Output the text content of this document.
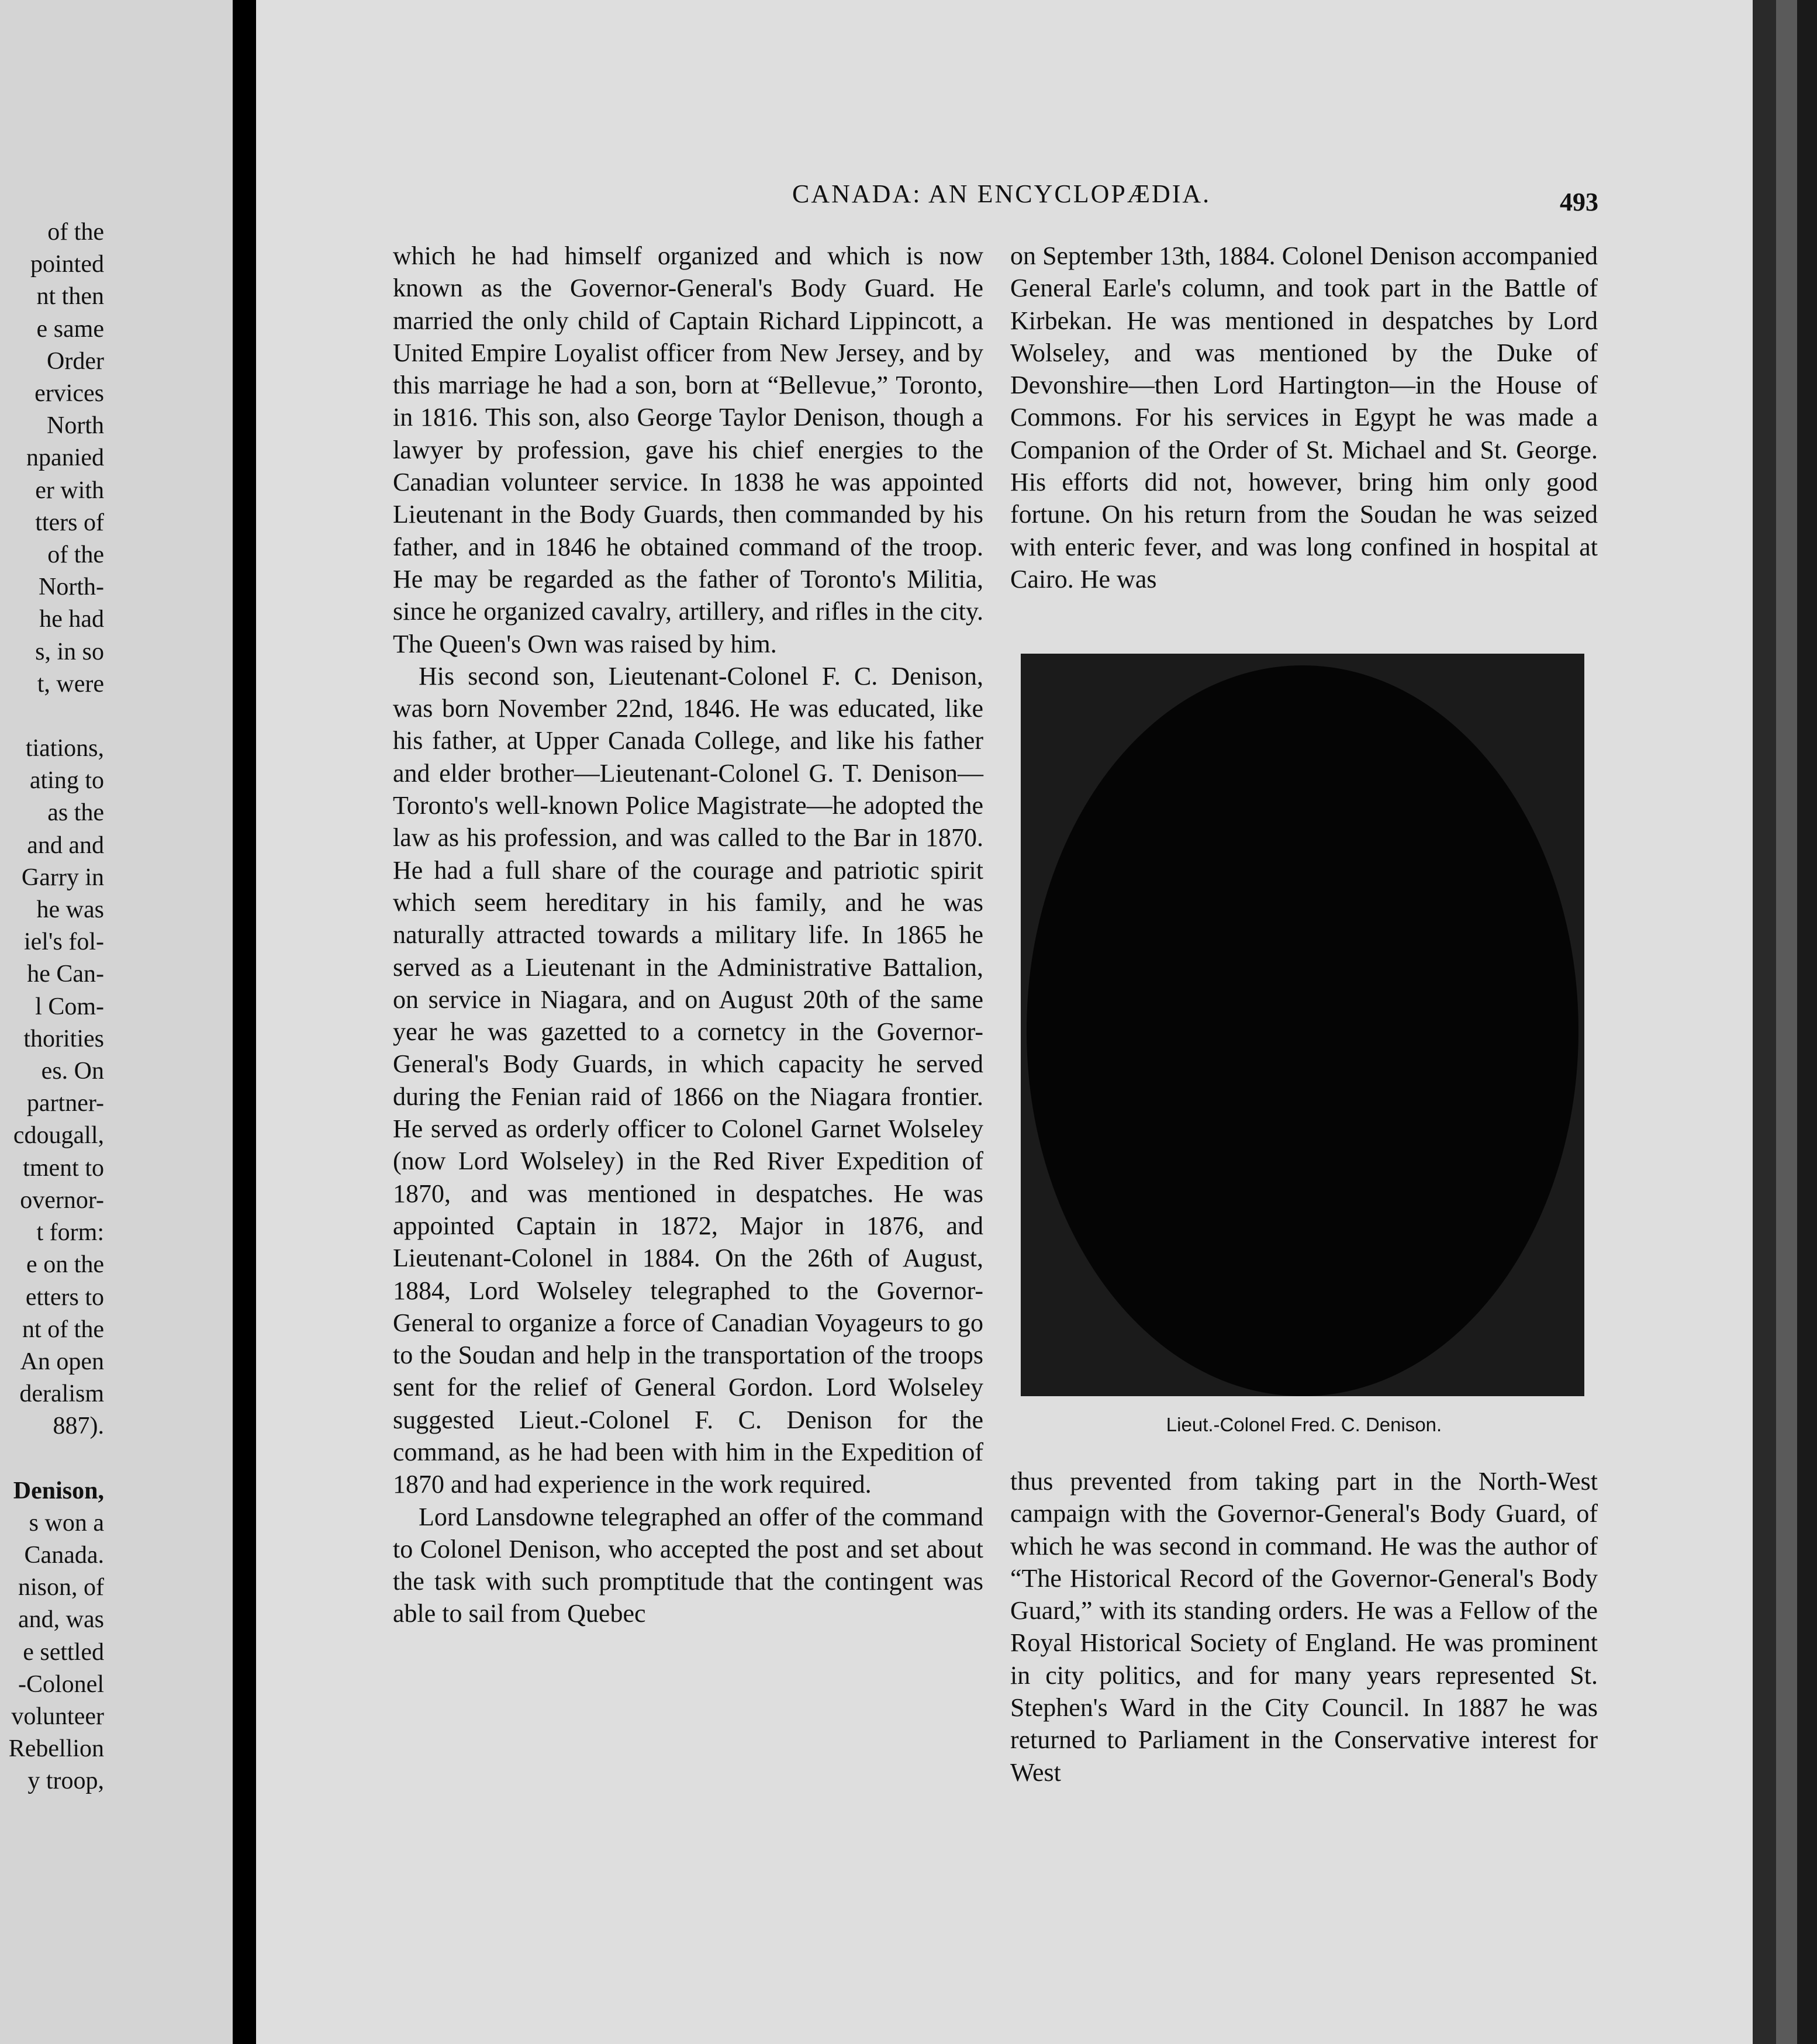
of the

pointed

nt then

e same

Order

ervices

North

npanied

er with

tters of

of the

North-

he had

s, in so

t, were

tiations,

ating to

as the

and and

Garry in

he was

iel's fol-

he Can-

l Com-

thorities

es. On

partner-

cdougall,

tment to

overnor-

t form:

e on the

etters to

nt of the

An open

deralism

887).

Denison,

s won a

Canada.

nison, of

and, was

e settled

-Colonel

volunteer

Rebellion

y troop,

CANADA: AN ENCYCLOPÆDIA.	493

which he had himself organized and which is now known as the Governor-General's Body Guard. He married the only child of Captain Richard Lippincott, a United Empire Loyalist officer from New Jersey, and by this marriage he had a son, born at “Bellevue,” Toronto, in 1816. This son, also George Taylor Denison, though a lawyer by profession, gave his chief energies to the Canadian volunteer service. In 1838 he was appointed Lieutenant in the Body Guards, then commanded by his father, and in 1846 he obtained command of the troop. He may be regarded as the father of Toronto's Militia, since he organized cavalry, artillery, and rifles in the city. The Queen's Own was raised by him.

His second son, Lieutenant-Colonel F. C. Denison, was born November 22nd, 1846. He was educated, like his father, at Upper Canada College, and like his father and elder brother—Lieutenant-Colonel G. T. Denison—Toronto's well-known Police Magistrate—he adopted the law as his profession, and was called to the Bar in 1870. He had a full share of the courage and patriotic spirit which seem hereditary in his family, and he was naturally attracted towards a military life. In 1865 he served as a Lieutenant in the Administrative Battalion, on service in Niagara, and on August 20th of the same year he was gazetted to a cornetcy in the Governor-General's Body Guards, in which capacity he served during the Fenian raid of 1866 on the Niagara frontier. He served as orderly officer to Colonel Garnet Wolseley (now Lord Wolseley) in the Red River Expedition of 1870, and was mentioned in despatches. He was appointed Captain in 1872, Major in 1876, and Lieutenant-Colonel in 1884. On the 26th of August, 1884, Lord Wolseley telegraphed to the Governor-General to organize a force of Canadian Voyageurs to go to the Soudan and help in the transportation of the troops sent for the relief of General Gordon. Lord Wolseley suggested Lieut.-Colonel F. C. Denison for the command, as he had been with him in the Expedition of 1870 and had experience in the work required.

Lord Lansdowne telegraphed an offer of the command to Colonel Denison, who accepted the post and set about the task with such promptitude that the contingent was able to sail from Quebec

on September 13th, 1884. Colonel Denison accompanied General Earle's column, and took part in the Battle of Kirbekan. He was mentioned in despatches by Lord Wolseley, and was mentioned by the Duke of Devonshire—then Lord Hartington—in the House of Commons. For his services in Egypt he was made a Companion of the Order of St. Michael and St. George. His efforts did not, however, bring him only good fortune. On his return from the Soudan he was seized with enteric fever, and was long confined in hospital at Cairo. He was

Lieut.-Colonel Fred. C. Denison.

thus prevented from taking part in the North-West campaign with the Governor-General's Body Guard, of which he was second in command. He was the author of “The Historical Record of the Governor-General's Body Guard,” with its standing orders. He was a Fellow of the Royal Historical Society of England. He was prominent in city politics, and for many years represented St. Stephen's Ward in the City Council. In 1887 he was returned to Parliament in the Conservative interest for West
